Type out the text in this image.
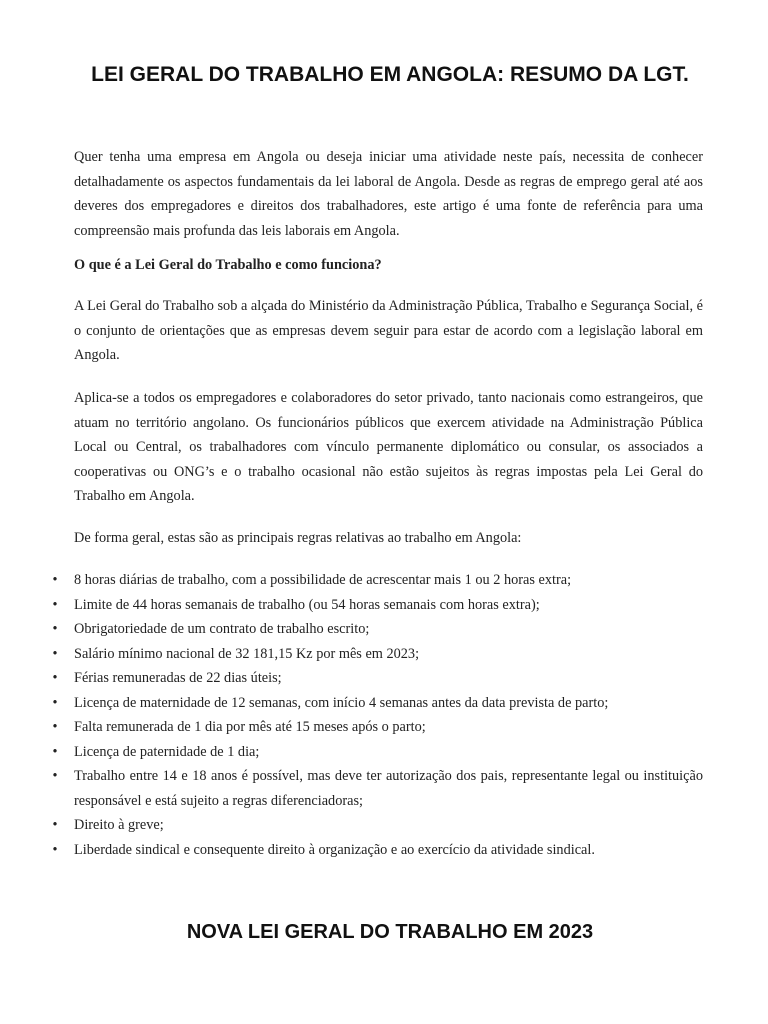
LEI GERAL DO TRABALHO EM ANGOLA: RESUMO DA LGT.

Quer tenha uma empresa em Angola ou deseja iniciar uma atividade neste país, necessita de conhecer detalhadamente os aspectos fundamentais da lei laboral de Angola. Desde as regras de emprego geral até aos deveres dos empregadores e direitos dos trabalhadores, este artigo é uma fonte de referência para uma compreensão mais profunda das leis laborais em Angola.

O que é a Lei Geral do Trabalho e como funciona?

A Lei Geral do Trabalho sob a alçada do Ministério da Administração Pública, Trabalho e Segurança Social, é o conjunto de orientações que as empresas devem seguir para estar de acordo com a legislação laboral em Angola.

Aplica-se a todos os empregadores e colaboradores do setor privado, tanto nacionais como estrangeiros, que atuam no território angolano. Os funcionários públicos que exercem atividade na Administração Pública Local ou Central, os trabalhadores com vínculo permanente diplomático ou consular, os associados a cooperativas ou ONG’s e o trabalho ocasional não estão sujeitos às regras impostas pela Lei Geral do Trabalho em Angola.

De forma geral, estas são as principais regras relativas ao trabalho em Angola:

• 8 horas diárias de trabalho, com a possibilidade de acrescentar mais 1 ou 2 horas extra;
• Limite de 44 horas semanais de trabalho (ou 54 horas semanais com horas extra);
• Obrigatoriedade de um contrato de trabalho escrito;
• Salário mínimo nacional de 32 181,15 Kz por mês em 2023;
• Férias remuneradas de 22 dias úteis;
• Licença de maternidade de 12 semanas, com início 4 semanas antes da data prevista de parto;
• Falta remunerada de 1 dia por mês até 15 meses após o parto;
• Licença de paternidade de 1 dia;
• Trabalho entre 14 e 18 anos é possível, mas deve ter autorização dos pais, representante legal ou instituição responsável e está sujeito a regras diferenciadoras;
• Direito à greve;
• Liberdade sindical e consequente direito à organização e ao exercício da atividade sindical.
NOVA LEI GERAL DO TRABALHO EM 2023
